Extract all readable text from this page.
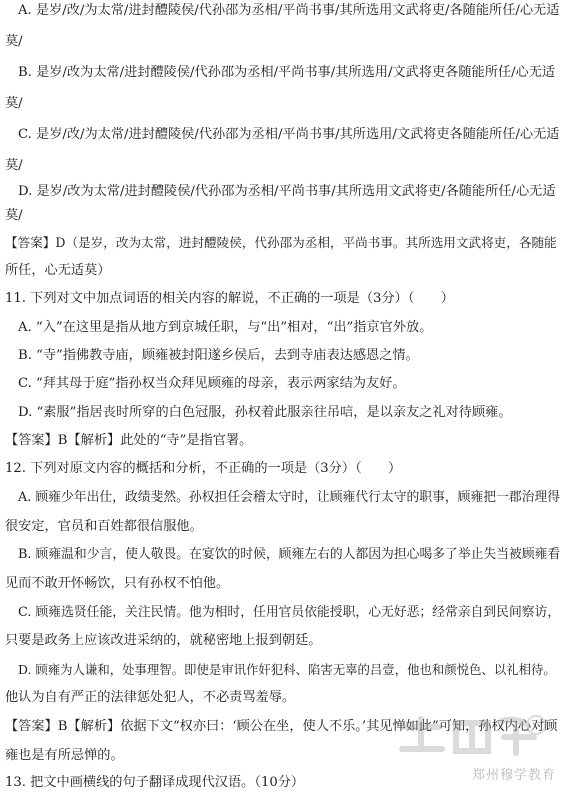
A. 是岁/改/为太常/进封醴陵侯/代孙邵为丞相/平尚书事/其所选用文武将吏/各随能所任/心无适
莫/
B. 是岁/改为太常/进封醴陵侯/代孙邵为丞相/平尚书事/其所选用/文武将吏各随能所任/心无适
莫/
C. 是岁/改/为太常/进封醴陵侯/代孙邵为丞相/平尚书事/其所选用/文武将吏各随能所任/心无适
莫/
D. 是岁/改为太常/进封醴陵侯/代孙邵为丞相/平尚书事/其所选用文武将吏/各随能所任/心无适
莫/
【答案】D（是岁，改为太常，进封醴陵侯，代孙邵为丞相，平尚书事。其所选用文武将吏，各随能
所任，心无适莫）
11. 下列对文中加点词语的相关内容的解说，不正确的一项是（3分）（　　）
A. “入”在这里是指从地方到京城任职，与“出”相对，“出”指京官外放。
B. “寺”指佛教寺庙，顾雍被封阳遂乡侯后，去到寺庙表达感恩之情。
C. “拜其母于庭”指孙权当众拜见顾雍的母亲，表示两家结为友好。
D. “素服”指居丧时所穿的白色冠服，孙权着此服亲往吊唁，是以亲友之礼对待顾雍。
【答案】B【解析】此处的“寺”是指官署。
12. 下列对原文内容的概括和分析，不正确的一项是（3分）（　　）
A. 顾雍少年出仕，政绩斐然。孙权担任会稽太守时，让顾雍代行太守的职事，顾雍把一郡治理得
很安定，官员和百姓都很信服他。
B. 顾雍温和少言，使人敬畏。在宴饮的时候，顾雍左右的人都因为担心喝多了举止失当被顾雍看
见而不敢开怀畅饮，只有孙权不怕他。
C. 顾雍选贤任能，关注民情。他为相时，任用官员依能授职，心无好恶；经常亲自到民间察访，
只要是政务上应该改进采纳的，就秘密地上报到朝廷。
D. 顾雍为人谦和，处事理智。即使是审讯作奸犯科、陷害无辜的吕壹，他也和颜悦色、以礼相待。
他认为自有严正的法律惩处犯人，不必责骂羞辱。
【答案】B【解析】依据下文“权亦曰：‘顾公在坐，使人不乐。’其见惮如此”可知，孙权内心对顾
雍也是有所忌惮的。
13. 把文中画横线的句子翻译成现代汉语。（10分）	郑州穆学教育
